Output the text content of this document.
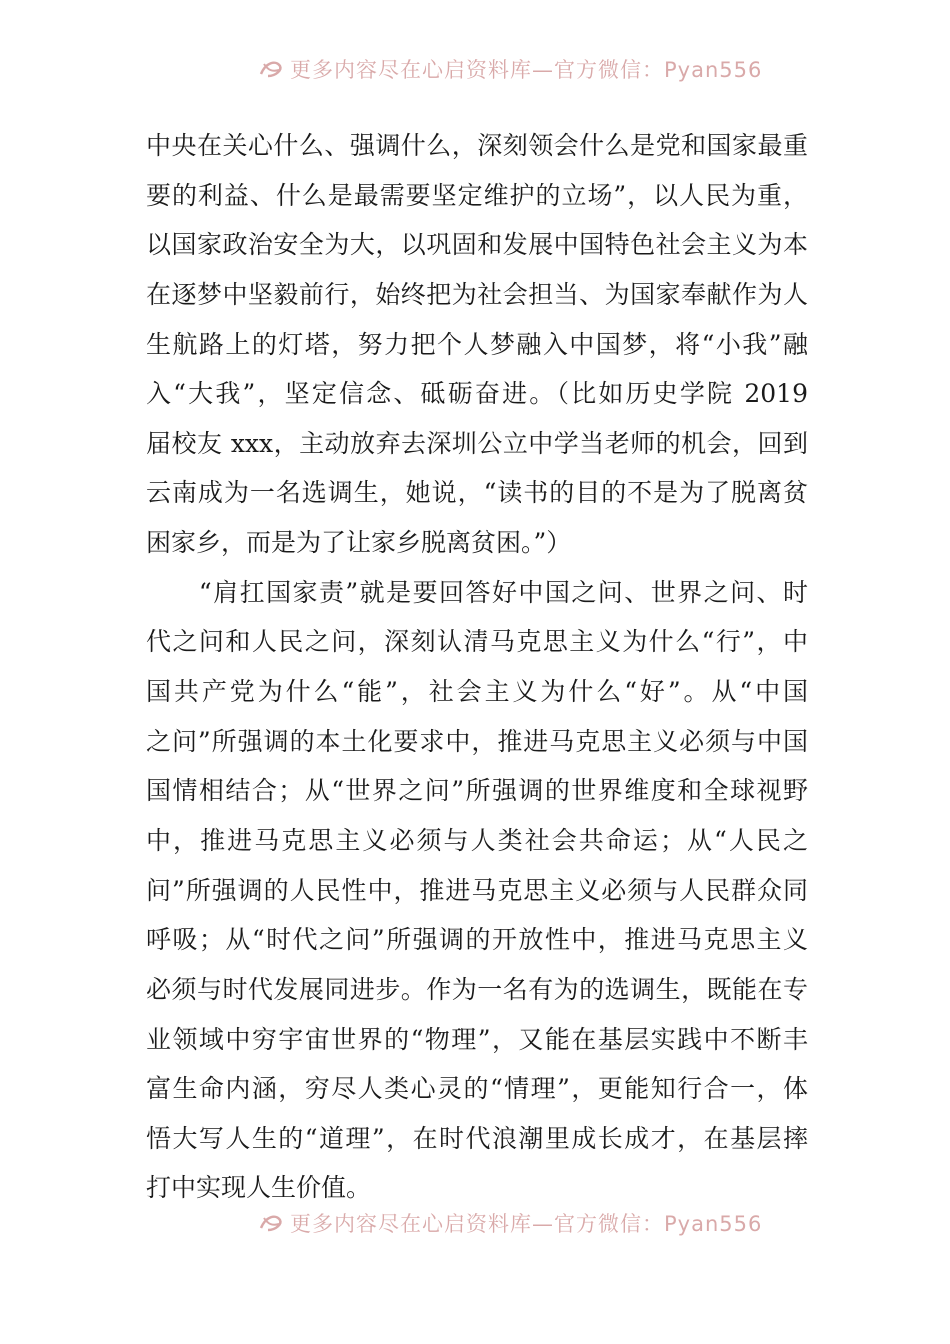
更多内容尽在心启资料库—官方微信：Pyan556
中央在关心什么、强调什么，深刻领会什么是党和国家最重
要的利益、什么是最需要坚定维护的立场”，以人民为重，
以国家政治安全为大，以巩固和发展中国特色社会主义为本
在逐梦中坚毅前行，始终把为社会担当、为国家奉献作为人
生航路上的灯塔，努力把个人梦融入中国梦，将“小我”融
入“大我”，坚定信念、砥砺奋进。（比如历史学院 2019
届校友 xxx，主动放弃去深圳公立中学当老师的机会，回到
云南成为一名选调生，她说，“读书的目的不是为了脱离贫
困家乡，而是为了让家乡脱离贫困。”）
　　“肩扛国家责”就是要回答好中国之问、世界之问、时
代之问和人民之问，深刻认清马克思主义为什么“行”，中
国共产党为什么“能”，社会主义为什么“好”。从“中国
之问”所强调的本土化要求中，推进马克思主义必须与中国
国情相结合；从“世界之问”所强调的世界维度和全球视野
中，推进马克思主义必须与人类社会共命运；从“人民之
问”所强调的人民性中，推进马克思主义必须与人民群众同
呼吸；从“时代之问”所强调的开放性中，推进马克思主义
必须与时代发展同进步。作为一名有为的选调生，既能在专
业领域中穷宇宙世界的“物理”，又能在基层实践中不断丰
富生命内涵，穷尽人类心灵的“情理”，更能知行合一，体
悟大写人生的“道理”，在时代浪潮里成长成才，在基层摔
打中实现人生价值。
更多内容尽在心启资料库—官方微信：Pyan556
